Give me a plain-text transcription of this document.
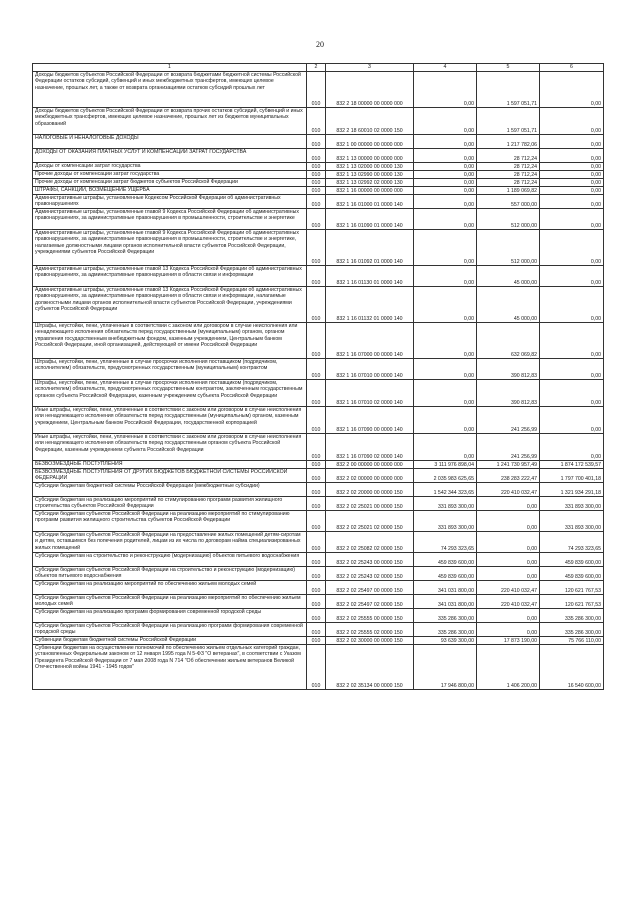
20
1	2	3	4	5	6
Доходы бюджетов субъектов Российской Федерации от возврата бюджетами бюджетной системы Российской Федерации остатков субсидий, субвенций и иных межбюджетных трансфертов, имеющих целевое назначение, прошлых лет, а также от возврата организациями остатков субсидий прошлых лет	010	832 2 18 00000 00 0000 000	0,00	1 597 051,71	0,00
Доходы бюджетов субъектов Российской Федерации от возврата прочих остатков субсидий, субвенций и иных межбюджетных трансфертов, имеющих целевое назначение, прошлых лет из бюджетов муниципальных образований	010	832 2 18 60010 02 0000 150	0,00	1 597 051,71	0,00
НАЛОГОВЫЕ И НЕНАЛОГОВЫЕ ДОХОДЫ	010	832 1 00 00000 00 0000 000	0,00	1 217 782,06	0,00
ДОХОДЫ ОТ ОКАЗАНИЯ ПЛАТНЫХ УСЛУГ И КОМПЕНСАЦИИ ЗАТРАТ ГОСУДАРСТВА	010	832 1 13 00000 00 0000 000	0,00	28 712,24	0,00
Доходы от компенсации затрат государства	010	832 1 13 02000 00 0000 130	0,00	28 712,24	0,00
Прочие доходы от компенсации затрат государства	010	832 1 13 02990 00 0000 130	0,00	28 712,24	0,00
Прочие доходы от компенсации затрат бюджетов субъектов Российской Федерации	010	832 1 13 02992 02 0000 130	0,00	28 712,24	0,00
ШТРАФЫ, САНКЦИИ, ВОЗМЕЩЕНИЕ УЩЕРБА	010	832 1 16 00000 00 0000 000	0,00	1 189 069,82	0,00
Административные штрафы, установленные Кодексом Российской Федерации об административных правонарушениях	010	832 1 16 01000 01 0000 140	0,00	557 000,00	0,00
Административные штрафы, установленные главой 9 Кодекса Российской Федерации об административных правонарушениях, за административные правонарушения в промышленности, строительстве и энергетике	010	832 1 16 01090 01 0000 140	0,00	512 000,00	0,00
Административные штрафы, установленные главой 9 Кодекса Российской Федерации об административных правонарушениях, за административные правонарушения в промышленности, строительстве и энергетике, налагаемые должностными лицами органов исполнительной власти субъектов Российской Федерации, учреждениями субъектов Российской Федерации	010	832 1 16 01092 01 0000 140	0,00	512 000,00	0,00
Административные штрафы, установленные главой 13 Кодекса Российской Федерации об административных правонарушениях, за административные правонарушения в области связи и информации	010	832 1 16 01130 01 0000 140	0,00	45 000,00	0,00
Административные штрафы, установленные главой 13 Кодекса Российской Федерации об административных правонарушениях, за административные правонарушения в области связи и информации, налагаемые должностными лицами органов исполнительной власти субъектов Российской Федерации, учреждениями субъектов Российской Федерации	010	832 1 16 01132 01 0000 140	0,00	45 000,00	0,00
Штрафы, неустойки, пени, уплаченные в соответствии с законом или договором в случае неисполнения или ненадлежащего исполнения обязательств перед государственным (муниципальным) органом, органом управления государственным внебюджетным фондом, казенным учреждением, Центральным банком Российской Федерации, иной организацией, действующей от имени Российской Федерации	010	832 1 16 07000 00 0000 140	0,00	632 069,82	0,00
Штрафы, неустойки, пени, уплаченные в случае просрочки исполнения поставщиком (подрядчиком, исполнителем) обязательств, предусмотренных государственным (муниципальным) контрактом	010	832 1 16 07010 00 0000 140	0,00	390 812,83	0,00
Штрафы, неустойки, пени, уплаченные в случае просрочки исполнения поставщиком (подрядчиком, исполнителем) обязательств, предусмотренных государственным контрактом, заключенным государственным органом субъекта Российской Федерации, казенным учреждением субъекта Российской Федерации	010	832 1 16 07010 02 0000 140	0,00	390 812,83	0,00
Иные штрафы, неустойки, пени, уплаченные в соответствии с законом или договором в случае неисполнения или ненадлежащего исполнения обязательств перед государственным (муниципальным) органом, казенным учреждением, Центральным банком Российской Федерации, государственной корпорацией	010	832 1 16 07090 00 0000 140	0,00	241 256,99	0,00
Иные штрафы, неустойки, пени, уплаченные в соответствии с законом или договором в случае неисполнения или ненадлежащего исполнения обязательств перед государственным органом субъекта Российской Федерации, казенным учреждением субъекта Российской Федерации	010	832 1 16 07090 02 0000 140	0,00	241 256,99	0,00
БЕЗВОЗМЕЗДНЫЕ ПОСТУПЛЕНИЯ	010	832 2 00 00000 00 0000 000	3 111 976 898,04	1 241 730 957,49	1 874 172 539,57
БЕЗВОЗМЕЗДНЫЕ ПОСТУПЛЕНИЯ ОТ ДРУГИХ БЮДЖЕТОВ БЮДЖЕТНОЙ СИСТЕМЫ РОССИЙСКОЙ ФЕДЕРАЦИИ	010	832 2 02 00000 00 0000 000	2 035 983 625,65	238 283 222,47	1 797 700 401,18
Субсидии бюджетам бюджетной системы Российской Федерации (межбюджетные субсидии)	010	832 2 02 20000 00 0000 150	1 542 344 323,65	220 410 032,47	1 321 934 291,18
Субсидии бюджетам на реализацию мероприятий по стимулированию программ развития жилищного строительства субъектов Российской Федерации	010	832 2 02 25021 00 0000 150	331 893 300,00	0,00	331 893 300,00
Субсидии бюджетам субъектов Российской Федерации на реализацию мероприятий по стимулированию программ развития жилищного строительства субъектов Российской Федерации	010	832 2 02 25021 02 0000 150	331 893 300,00	0,00	331 893 300,00
Субсидии бюджетам субъектов Российской Федерации на предоставление жилых помещений детям-сиротам и детям, оставшимся без попечения родителей, лицам из их числа по договорам найма специализированных жилых помещений	010	832 2 02 25082 02 0000 150	74 293 323,65	0,00	74 293 323,65
Субсидии бюджетам на строительство и реконструкцию (модернизацию) объектов питьевого водоснабжения	010	832 2 02 25243 00 0000 150	459 839 600,00	0,00	459 839 600,00
Субсидии бюджетам субъектов Российской Федерации на строительство и реконструкцию (модернизацию) объектов питьевого водоснабжения	010	832 2 02 25243 02 0000 150	459 839 600,00	0,00	459 839 600,00
Субсидии бюджетам на реализацию мероприятий по обеспечению жильем молодых семей	010	832 2 02 25497 00 0000 150	341 031 800,00	220 410 032,47	120 621 767,53
Субсидии бюджетам субъектов Российской Федерации на реализацию мероприятий по обеспечению жильем молодых семей	010	832 2 02 25497 02 0000 150	341 031 800,00	220 410 032,47	120 621 767,53
Субсидии бюджетам на реализацию программ формирования современной городской среды	010	832 2 02 25555 00 0000 150	335 286 300,00	0,00	335 286 300,00
Субсидии бюджетам субъектов Российской Федерации на реализацию программ формирования современной городской среды	010	832 2 02 25555 02 0000 150	335 286 300,00	0,00	335 286 300,00
Субвенции бюджетам бюджетной системы Российской Федерации	010	832 2 02 30000 00 0000 150	93 639 300,00	17 873 190,00	75 766 110,00
Субвенции бюджетам на осуществление полномочий по обеспечению жильем отдельных категорий граждан, установленных Федеральным законом от 12 января 1995 года N 5-ФЗ "О ветеранах", в соответствии с Указом Президента Российской Федерации от 7 мая 2008 года N 714 "Об обеспечении жильем ветеранов Великой Отечественной войны 1941 - 1945 годов"	010	832 2 02 35134 00 0000 150	17 946 800,00	1 406 200,00	16 540 600,00
